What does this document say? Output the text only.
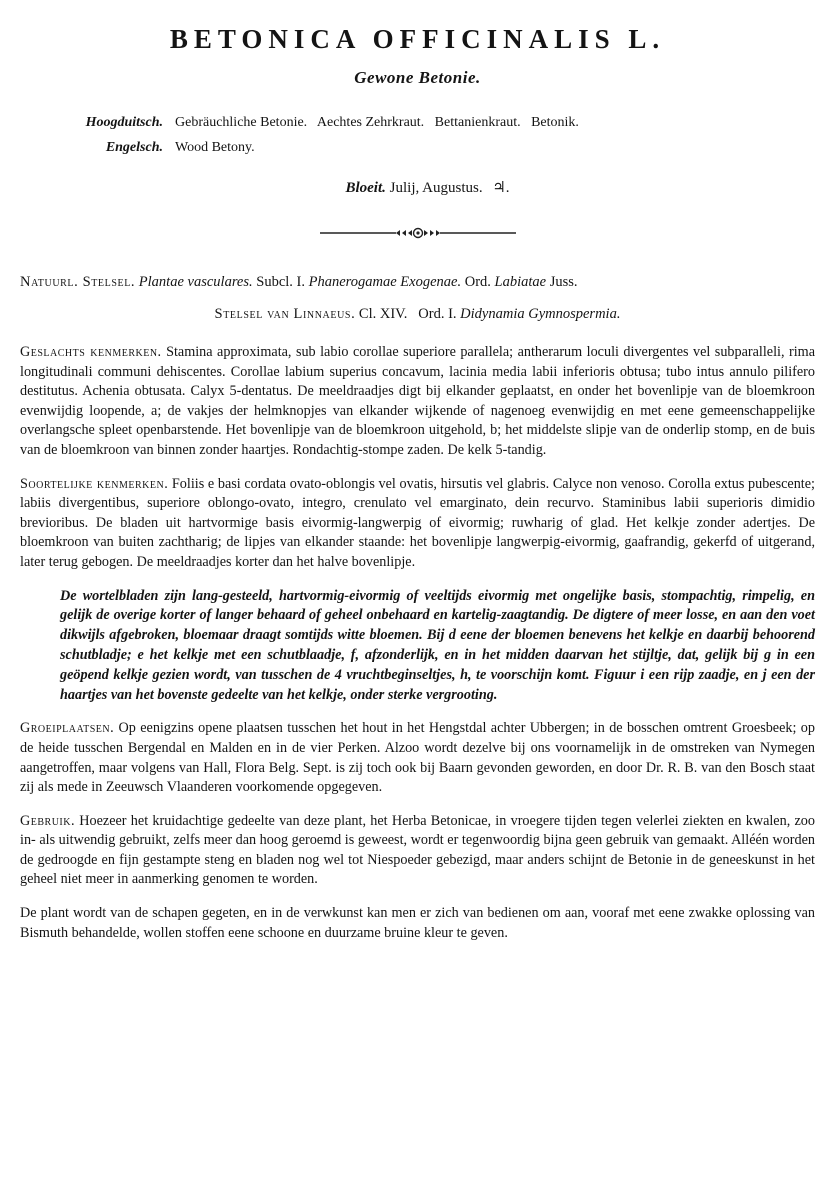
BETONICA OFFICINALIS L.
Gewone Betonie.
Hoogduitsch. Gebräuchliche Betonie.   Aechtes Zehrkraut.   Bettanienkraut.   Betonik.
Engelsch. Wood Betony.
Bloeit. Julij, Augustus. ♃.
Natuurl. Stelsel. Plantae vasculares. Subcl. I. Phanerogamae Exogenae. Ord. Labiatae Juss.
Stelsel van Linnaeus. Cl. XIV.   Ord. I. Didynamia Gymnospermia.
Geslachts kenmerken. Stamina approximata, sub labio corollae superiore parallela; antherarum loculi divergentes vel subparalleli, rima longitudinali communi dehiscentes. Corollae labium superius concavum, lacinia media labii inferioris obtusa; tubo intus annulo pilifero destitutus. Achenia obtusata. Calyx 5-dentatus. De meeldraadjes digt bij elkander geplaatst, en onder het bovenlipje van de bloemkroon evenwijdig loopende, a; de vakjes der helmknopjes van elkander wijkende of nagenoeg evenwijdig en met eene gemeenschappelijke overlangsche spleet openbarstende. Het bovenlipje van de bloemkroon uitgehold, b; het middelste slipje van de onderlip stomp, en de buis van de bloemkroon van binnen zonder haartjes. Rondachtig-stompe zaden. De kelk 5-tandig.
Soortelijke kenmerken. Foliis e basi cordata ovato-oblongis vel ovatis, hirsutis vel glabris. Calyce non venoso. Corolla extus pubescente; labiis divergentibus, superiore oblongo-ovato, integro, crenulato vel emarginato, dein recurvo. Staminibus labii superioris dimidio brevioribus. De bladen uit hartvormige basis eivormig-langwerpig of eivormig; ruwharig of glad. Het kelkje zonder adertjes. De bloemkroon van buiten zachtharig; de lipjes van elkander staande: het bovenlipje langwerpig-eivormig, gaafrandig, gekerfd of uitgerand, later terug gebogen. De meeldraadjes korter dan het halve bovenlipje.
De wortelbladen zijn lang-gesteeld, hartvormig-eivormig of veeltijds eivormig met ongelijke basis, stompachtig, rimpelig, en gelijk de overige korter of langer behaard of geheel onbehaard en kartelig-zaagtandig. De digtere of meer losse, en aan den voet dikwijls afgebroken, bloemaar draagt somtijds witte bloemen. Bij d eene der bloemen benevens het kelkje en daarbij behoorend schutbladje; e het kelkje met een schutblaadje, f, afzonderlijk, en in het midden daarvan het stijltje, dat, gelijk bij g in een geöpend kelkje gezien wordt, van tusschen de 4 vruchtbeginseltjes, h, te voorschijn komt. Figuur i een rijp zaadje, en j een der haartjes van het bovenste gedeelte van het kelkje, onder sterke vergrooting.
Groeiplaatsen. Op eenigzins opene plaatsen tusschen het hout in het Hengstdal achter Ubbergen; in de bosschen omtrent Groesbeek; op de heide tusschen Bergendal en Malden en in de vier Perken. Alzoo wordt dezelve bij ons voornamelijk in de omstreken van Nymegen aangetroffen, maar volgens van Hall, Flora Belg. Sept. is zij toch ook bij Baarn gevonden geworden, en door Dr. R. B. van den Bosch staat zij als mede in Zeeuwsch Vlaanderen voorkomende opgegeven.
Gebruik. Hoezeer het kruidachtige gedeelte van deze plant, het Herba Betonicae, in vroegere tijden tegen velerlei ziekten en kwalen, zoo in- als uitwendig gebruikt, zelfs meer dan hoog geroemd is geweest, wordt er tegenwoordig bijna geen gebruik van gemaakt. Alléén worden de gedroogde en fijn gestampte steng en bladen nog wel tot Niespoeder gebezigd, maar anders schijnt de Betonie in de geneeskunst in het geheel niet meer in aanmerking genomen te worden.
De plant wordt van de schapen gegeten, en in de verwkunst kan men er zich van bedienen om aan, vooraf met eene zwakke oplossing van Bismuth behandelde, wollen stoffen eene schoone en duurzame bruine kleur te geven.
